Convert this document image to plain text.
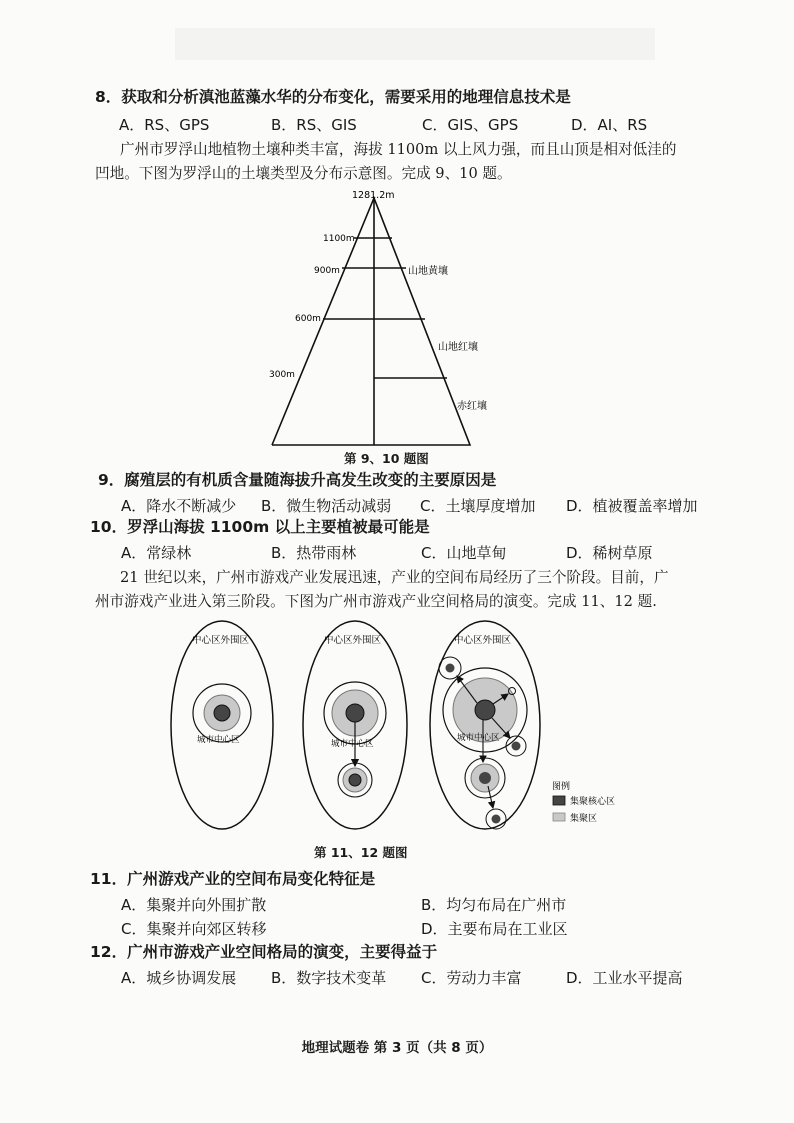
8．获取和分析滇池蓝藻水华的分布变化，需要采用的地理信息技术是
A．RS、GPS	B．RS、GIS	C．GIS、GPS	D．AI、RS
广州市罗浮山地植物土壤种类丰富，海拔 1100m 以上风力强，而且山顶是相对低洼的
凹地。下图为罗浮山的土壤类型及分布示意图。完成 9、10 题。
1281.2m
1100m
900m
600m
300m
山地黄壤
山地红壤
赤红壤
第 9、10 题图
9．腐殖层的有机质含量随海拔升高发生改变的主要原因是
A．降水不断减少 B．微生物活动减弱 C．土壤厚度增加 D．植被覆盖率增加
10．罗浮山海拔 1100m 以上主要植被最可能是
A．常绿林	B．热带雨林	C．山地草甸	D．稀树草原
21 世纪以来，广州市游戏产业发展迅速，产业的空间布局经历了三个阶段。目前，广
州市游戏产业进入第三阶段。下图为广州市游戏产业空间格局的演变。完成 11、12 题.
中心区外围区
城市中心区
中心区外围区
城市中心区
中心区外围区
城市中心区
图例
集聚核心区
集聚区
第 11、12 题图
11．广州游戏产业的空间布局变化特征是
A．集聚并向外围扩散	B．均匀布局在广州市
C．集聚并向郊区转移	D．主要布局在工业区
12．广州市游戏产业空间格局的演变，主要得益于
A．城乡协调发展 B．数字技术变革 C．劳动力丰富	D．工业水平提高
地理试题卷 第 3 页（共 8 页）
